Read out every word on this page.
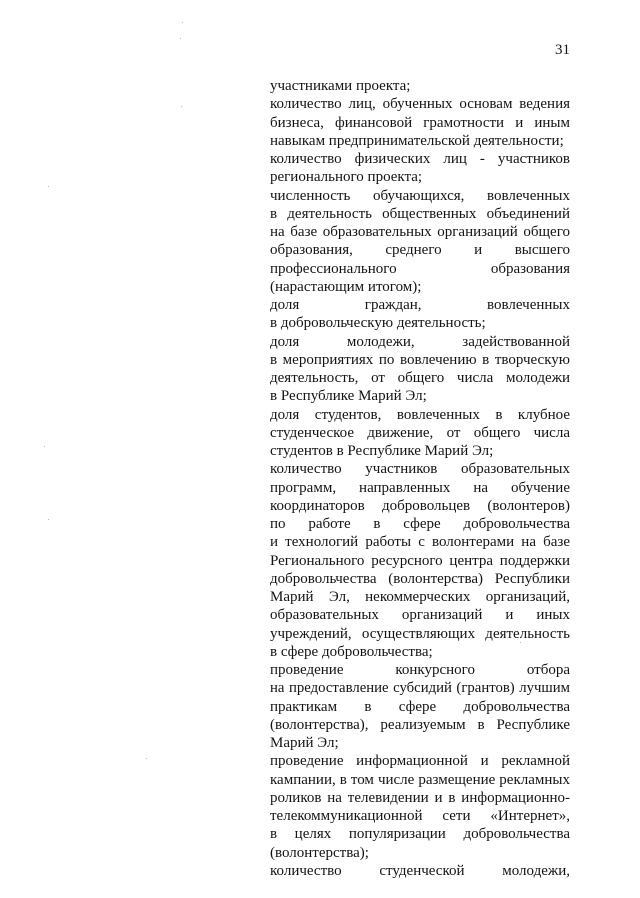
31
участниками проекта;
количество лиц, обученных основам ведения
бизнеса, финансовой грамотности и иным
навыкам предпринимательской деятельности;
количество физических лиц - участников
регионального проекта;
численность обучающихся, вовлеченных
в деятельность общественных объединений
на базе образовательных организаций общего
образования, среднего и высшего
профессионального образования
(нарастающим итогом);
доля граждан, вовлеченных
в добровольческую деятельность;
доля молодежи, задействованной
в мероприятиях по вовлечению в творческую
деятельность, от общего числа молодежи
в Республике Марий Эл;
доля студентов, вовлеченных в клубное
студенческое движение, от общего числа
студентов в Республике Марий Эл;
количество участников образовательных
программ, направленных на обучение
координаторов добровольцев (волонтеров)
по работе в сфере добровольчества
и технологий работы с волонтерами на базе
Регионального ресурсного центра поддержки
добровольчества (волонтерства) Республики
Марий Эл, некоммерческих организаций,
образовательных организаций и иных
учреждений, осуществляющих деятельность
в сфере добровольчества;
проведение конкурсного отбора
на предоставление субсидий (грантов) лучшим
практикам в сфере добровольчества
(волонтерства), реализуемым в Республике
Марий Эл;
проведение информационной и рекламной
кампании, в том числе размещение рекламных
роликов на телевидении и в информационно-
телекоммуникационной сети «Интернет»,
в целях популяризации добровольчества
(волонтерства);
количество студенческой молодежи,
